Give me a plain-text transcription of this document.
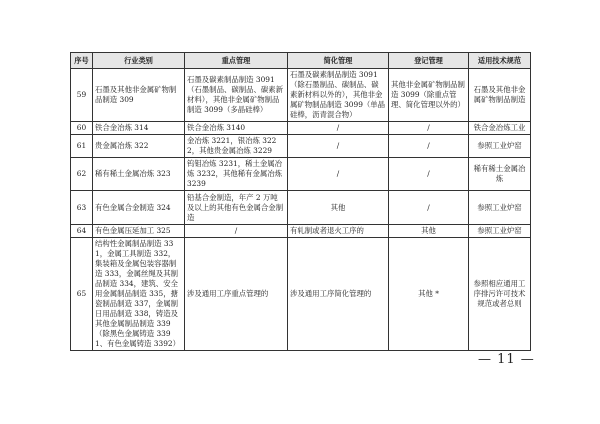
序号	行业类别	重点管理	简化管理	登记管理	适用技术规范
59	石墨及其他非金属矿物制品制造 309	石墨及碳素制品制造 3091（石墨制品、碳制品、碳素新材料），其他非金属矿物制品制造 3099（多晶硅棒）	石墨及碳素制品制造 3091（除石墨制品、碳制品、碳素新材料以外的），其他非金属矿物制品制造 3099（单晶硅棒，沥青混合物）	其他非金属矿物制品制造 3099（除重点管理、简化管理以外的）	石墨及其他非金属矿物制品制造
60	铁合金冶炼 314	铁合金冶炼 3140	/	/	铁合金冶炼工业
61	贵金属冶炼 322	金冶炼 3221，银冶炼 3222，其他贵金属冶炼 3229	/	/	参照工业炉窑
62	稀有稀土金属冶炼 323	钨钼冶炼 3231，稀土金属冶炼 3232，其他稀有金属冶炼 3239	/	/	稀有稀土金属冶炼
63	有色金属合金制造 324	铅基合金制造，年产 2 万吨及以上的其他有色金属合金制造	其他	/	参照工业炉窑
64	有色金属压延加工 325	/	有轧制或者退火工序的	其他	参照工业炉窑
65	结构性金属制品制造 331，金属工具制造 332，集装箱及金属包装容器制造 333，金属丝绳及其制品制造 334，建筑、安全用金属制品制造 335，搪瓷制品制造 337，金属制日用品制造 338，铸造及其他金属制品制造 339（除黑色金属铸造 3391、有色金属铸造 3392）	涉及通用工序重点管理的	涉及通用工序简化管理的	其他 *	参照相应通用工序排污许可技术规范或者总则
— 11 —
